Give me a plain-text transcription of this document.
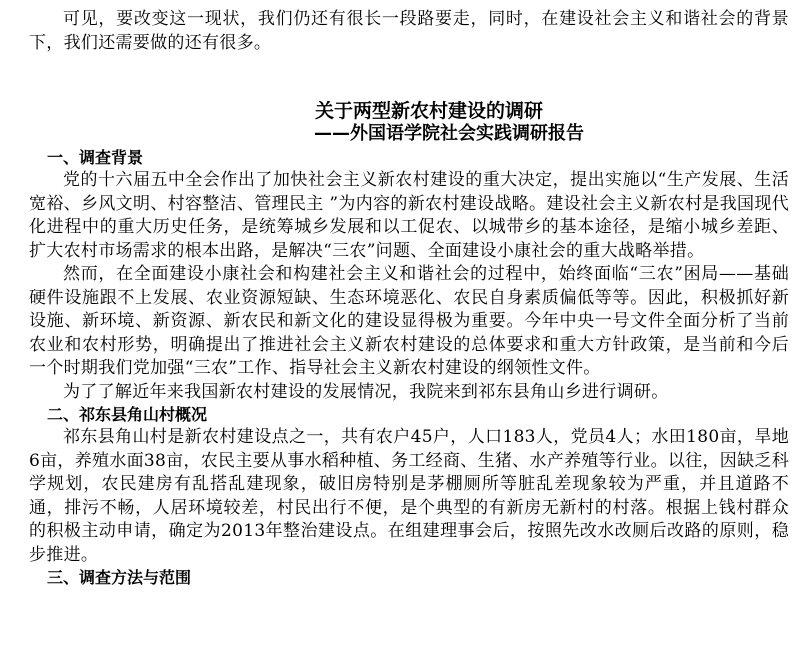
可见，要改变这一现状，我们仍还有很长一段路要走，同时，在建设社会主义和谐社会的背景下，我们还需要做的还有很多。

关于两型新农村建设的调研
——外国语学院社会实践调研报告
一、调查背景

党的十六届五中全会作出了加快社会主义新农村建设的重大决定，提出实施以“生产发展、生活宽裕、乡风文明、村容整洁、管理民主 ”为内容的新农村建设战略。建设社会主义新农村是我国现代化进程中的重大历史任务，是统筹城乡发展和以工促农、以城带乡的基本途径，是缩小城乡差距、扩大农村市场需求的根本出路，是解决“三农”问题、全面建设小康社会的重大战略举措。

然而，在全面建设小康社会和构建社会主义和谐社会的过程中，始终面临“三农”困局——基础硬件设施跟不上发展、农业资源短缺、生态环境恶化、农民自身素质偏低等等。因此，积极抓好新设施、新环境、新资源、新农民和新文化的建设显得极为重要。今年中央一号文件全面分析了当前农业和农村形势，明确提出了推进社会主义新农村建设的总体要求和重大方针政策，是当前和今后一个时期我们党加强“三农”工作、指导社会主义新农村建设的纲领性文件。

为了了解近年来我国新农村建设的发展情况，我院来到祁东县角山乡进行调研。

二、祁东县角山村概况

祁东县角山村是新农村建设点之一，共有农户45户，人口183人，党员4人；水田180亩，旱地6亩，养殖水面38亩，农民主要从事水稻种植、务工经商、生猪、水产养殖等行业。以往，因缺乏科学规划，农民建房有乱搭乱建现象，破旧房特别是茅棚厕所等脏乱差现象较为严重，并且道路不通，排污不畅，人居环境较差，村民出行不便，是个典型的有新房无新村的村落。根据上钱村群众的积极主动申请，确定为2013年整治建设点。在组建理事会后，按照先改水改厕后改路的原则，稳步推进。

三、调查方法与范围
